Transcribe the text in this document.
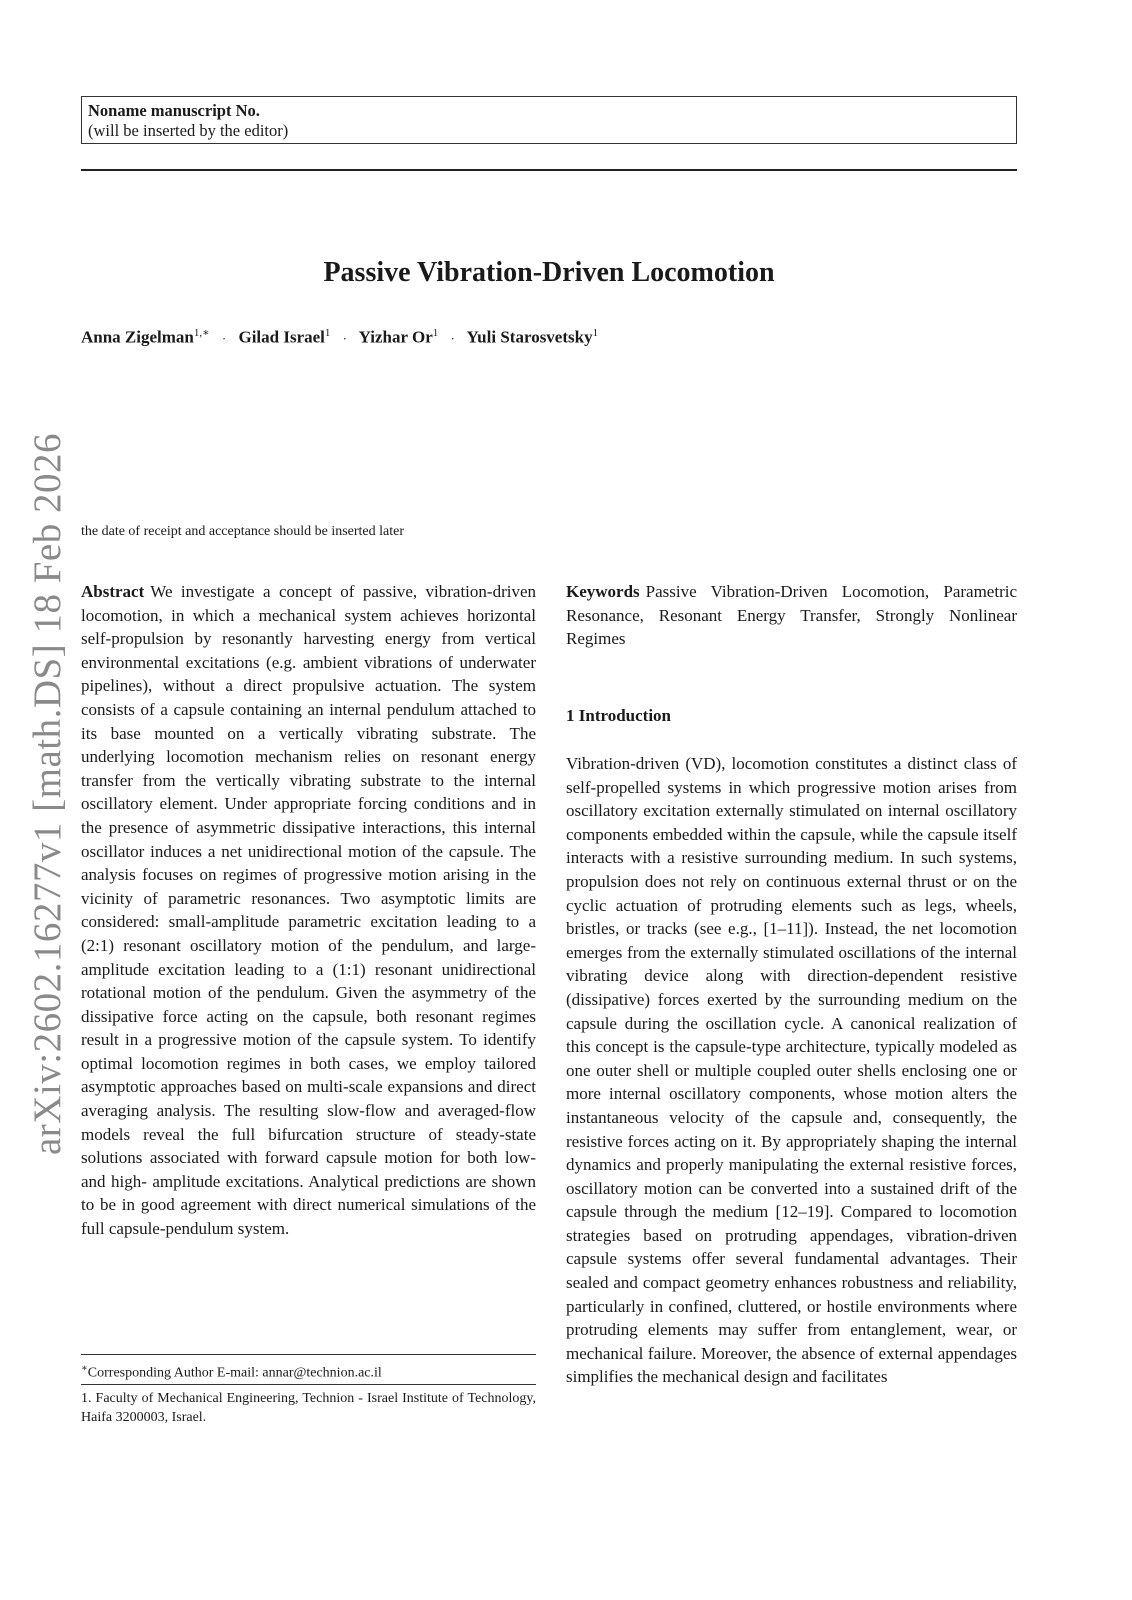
Noname manuscript No.
(will be inserted by the editor)
Passive Vibration-Driven Locomotion
Anna Zigelman$^{1,∗}$ · Gilad Israel$^1$ · Yizhar $Or^1$ · Yuli Starosvetsky$^1$
arXiv:2602.16277v1 [math.DS] 18 Feb 2026 the date of receipt and acceptance should be inserted later
Abstract We investigate a concept of passive, vibration-driven locomotion, in which a mechanical system achieves horizontal self-propulsion by resonantly harvesting energy from vertical environmental excitations (e.g. ambient vibrations of underwater pipelines), without a direct propulsive actuation. The system consists of a capsule containing an internal pendulum attached to its base mounted on a vertically vibrating substrate. The underlying locomotion mechanism relies on resonant energy transfer from the vertically vibrating substrate to the internal oscillatory element. Under appropriate forcing conditions and in the presence of asymmetric dissipative interactions, this internal oscillator induces a net unidirectional motion of the capsule. The analysis focuses on regimes of progressive motion arising in the vicinity of parametric resonances. Two asymptotic limits are considered: small-amplitude parametric excitation leading to a (2:1) resonant oscillatory motion of the pendulum, and large-amplitude excitation leading to a (1:1) resonant unidirectional rotational motion of the pendulum. Given the asymmetry of the dissipative force acting on the capsule, both resonant regimes result in a progressive motion of the capsule system. To identify optimal locomotion regimes in both cases, we employ tailored asymptotic approaches based on multi-scale expansions and direct averaging analysis. The resulting slow-flow and averaged-flow models reveal the full bifurcation structure of steady-state solutions associated with forward capsule motion for both low- and high- amplitude excitations. Analytical predictions are shown to be in good agreement with direct numerical simulations of the full capsule-pendulum system.
Keywords Passive Vibration-Driven Locomotion, Parametric Resonance, Resonant Energy Transfer, Strongly Nonlinear Regimes
1 Introduction
Vibration-driven (VD), locomotion constitutes a distinct class of self-propelled systems in which progressive motion arises from oscillatory excitation externally stimulated on internal oscillatory components embedded within the capsule, while the capsule itself interacts with a resistive surrounding medium. In such systems, propulsion does not rely on continuous external thrust or on the cyclic actuation of protruding elements such as legs, wheels, bristles, or tracks (see e.g., [1–11]). Instead, the net locomotion emerges from the externally stimulated oscillations of the internal vibrating device along with direction-dependent resistive (dissipative) forces exerted by the surrounding medium on the capsule during the oscillation cycle. A canonical realization of this concept is the capsule-type architecture, typically modeled as one outer shell or multiple coupled outer shells enclosing one or more internal oscillatory components, whose motion alters the instantaneous velocity of the capsule and, consequently, the resistive forces acting on it. By appropriately shaping the internal dynamics and properly manipulating the external resistive forces, oscillatory motion can be converted into a sustained drift of the capsule through the medium [12–19]. Compared to locomotion strategies based on protruding appendages, vibration-driven capsule systems offer several fundamental advantages. Their sealed and compact geometry enhances robustness and reliability, particularly in confined, cluttered, or hostile environments where protruding elements may suffer from entanglement, wear, or mechanical failure. Moreover, the absence of external appendages simplifies the mechanical design and facilitates
∗Corresponding Author E-mail: annar@technion.ac.il
1. Faculty of Mechanical Engineering, Technion - Israel Institute of Technology, Haifa 3200003, Israel.
